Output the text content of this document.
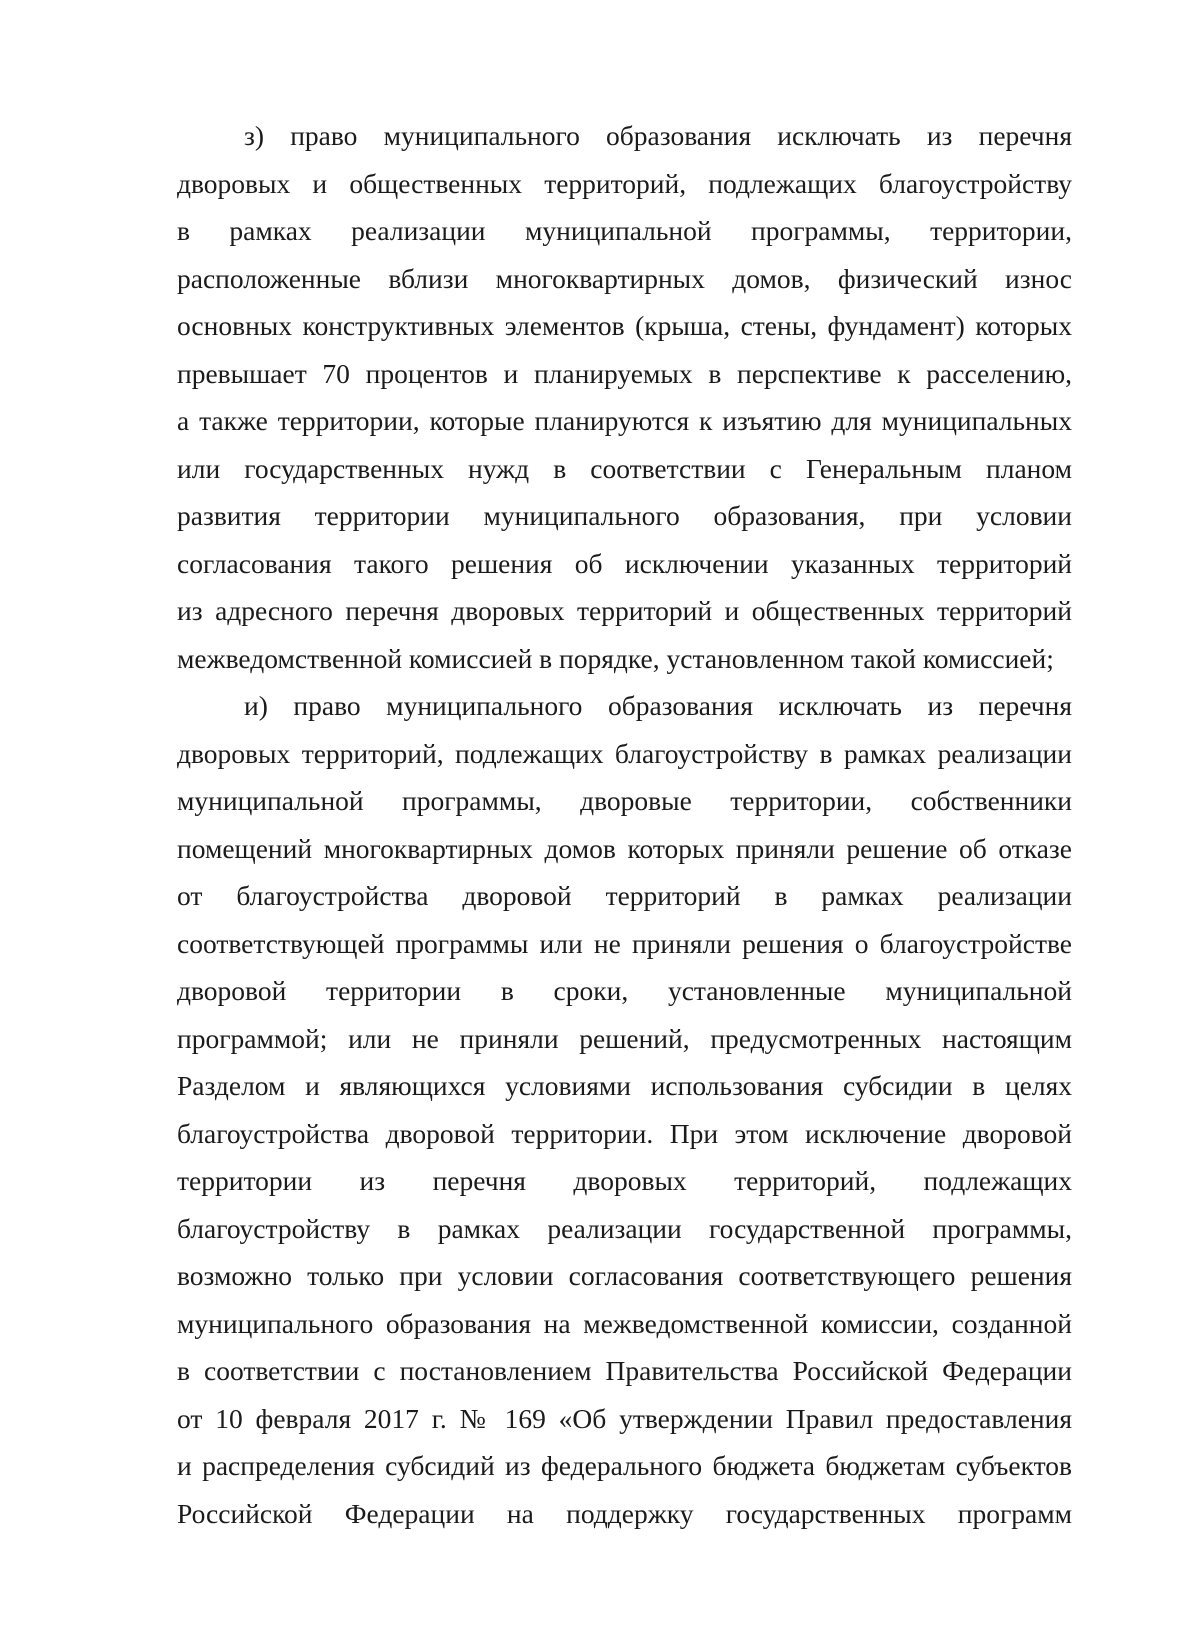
з) право муниципального образования исключать из перечня
дворовых и общественных территорий, подлежащих благоустройству
в рамках реализации муниципальной программы, территории,
расположенные вблизи многоквартирных домов, физический износ
основных конструктивных элементов (крыша, стены, фундамент) которых
превышает 70 процентов и планируемых в перспективе к расселению,
а также территории, которые планируются к изъятию для муниципальных
или государственных нужд в соответствии с Генеральным планом
развития территории муниципального образования, при условии
согласования такого решения об исключении указанных территорий
из адресного перечня дворовых территорий и общественных территорий
межведомственной комиссией в порядке, установленном такой комиссией;
и) право муниципального образования исключать из перечня
дворовых территорий, подлежащих благоустройству в рамках реализации
муниципальной программы, дворовые территории, собственники
помещений многоквартирных домов которых приняли решение об отказе
от благоустройства дворовой территорий в рамках реализации
соответствующей программы или не приняли решения о благоустройстве
дворовой территории в сроки, установленные муниципальной
программой; или не приняли решений, предусмотренных настоящим
Разделом и являющихся условиями использования субсидии в целях
благоустройства дворовой территории. При этом исключение дворовой
территории из перечня дворовых территорий, подлежащих
благоустройству в рамках реализации государственной программы,
возможно только при условии согласования соответствующего решения
муниципального образования на межведомственной комиссии, созданной
в соответствии с постановлением Правительства Российской Федерации
от 10 февраля 2017 г. № 169 «Об утверждении Правил предоставления
и распределения субсидий из федерального бюджета бюджетам субъектов
Российской Федерации на поддержку государственных программ
